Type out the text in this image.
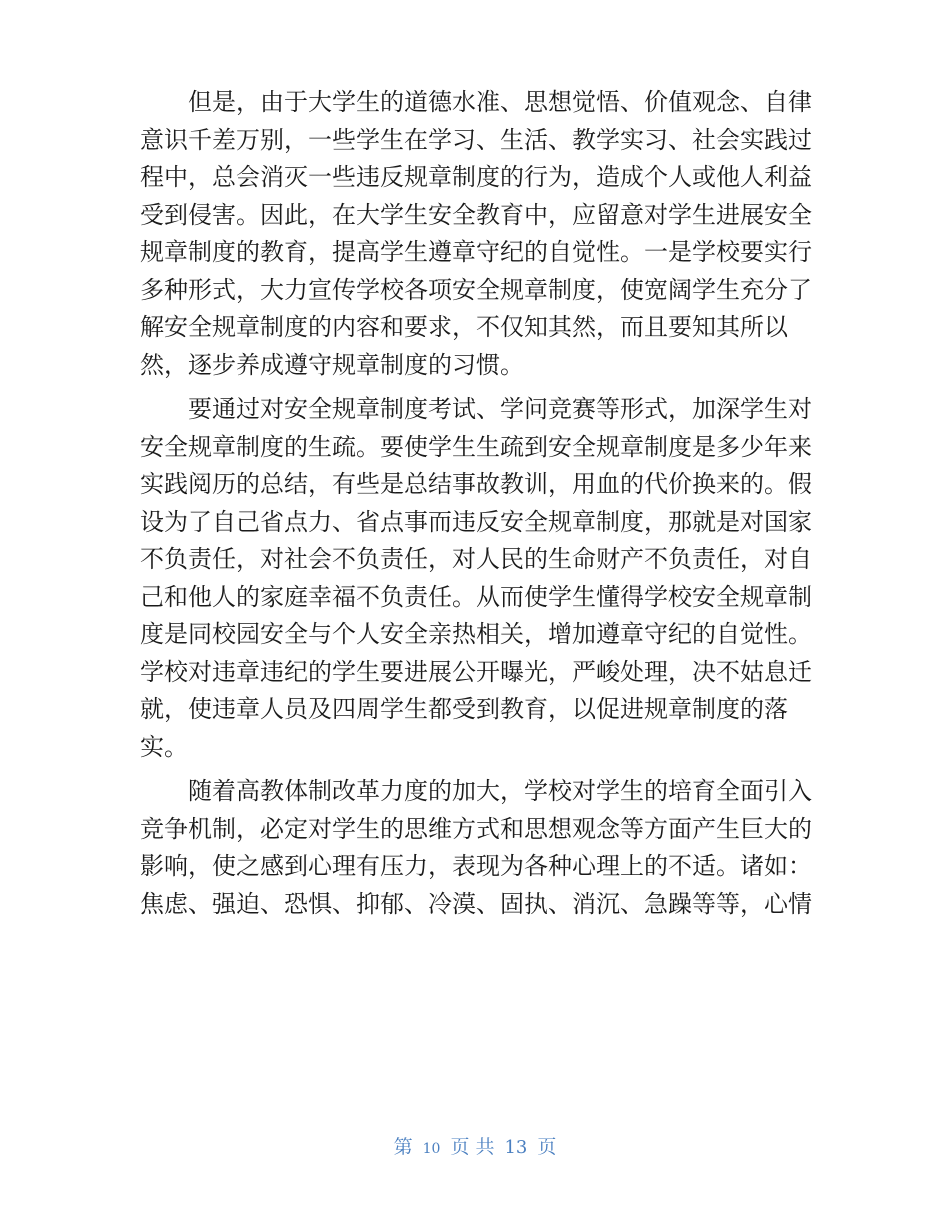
但是，由于大学生的道德水准、思想觉悟、价值观念、自律
意识千差万别，一些学生在学习、生活、教学实习、社会实践过
程中，总会消灭一些违反规章制度的行为，造成个人或他人利益
受到侵害。因此，在大学生安全教育中，应留意对学生进展安全
规章制度的教育，提高学生遵章守纪的自觉性。一是学校要实行
多种形式，大力宣传学校各项安全规章制度，使宽阔学生充分了
解安全规章制度的内容和要求，不仅知其然，而且要知其所以
然，逐步养成遵守规章制度的习惯。

要通过对安全规章制度考试、学问竞赛等形式，加深学生对
安全规章制度的生疏。要使学生生疏到安全规章制度是多少年来
实践阅历的总结，有些是总结事故教训，用血的代价换来的。假
设为了自己省点力、省点事而违反安全规章制度，那就是对国家
不负责任，对社会不负责任，对人民的生命财产不负责任，对自
己和他人的家庭幸福不负责任。从而使学生懂得学校安全规章制
度是同校园安全与个人安全亲热相关，增加遵章守纪的自觉性。
学校对违章违纪的学生要进展公开曝光，严峻处理，决不姑息迁
就，使违章人员及四周学生都受到教育，以促进规章制度的落
实。

随着高教体制改革力度的加大，学校对学生的培育全面引入
竞争机制，必定对学生的思维方式和思想观念等方面产生巨大的
影响，使之感到心理有压力，表现为各种心理上的不适。诸如：
焦虑、强迫、恐惧、抑郁、冷漠、固执、消沉、急躁等等，心情

第 10 页 共 13 页
